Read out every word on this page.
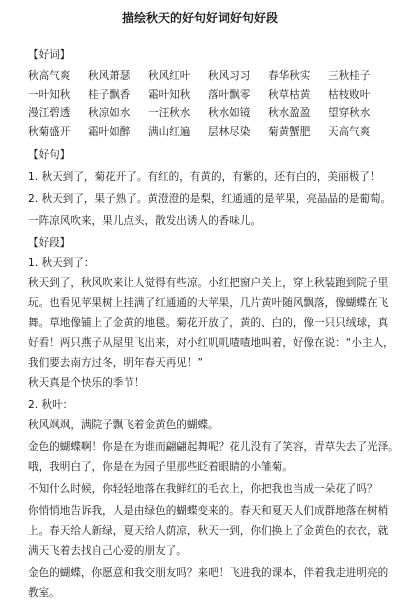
描绘秋天的好句好词好句好段
【好词】
秋高气爽	秋风萧瑟	秋风红叶	秋风习习	春华秋实	三秋桂子
一叶知秋	桂子飘香	霜叶知秋	落叶飘零	秋草枯黄	枯枝败叶
漫江碧透	秋凉如水	一汪秋水	秋水如镜	秋水盈盈	望穿秋水
秋菊盛开	霜叶如醉	满山红遍	层林尽染	菊黄蟹肥	天高气爽
【好句】
1. 秋天到了，菊花开了。有红的，有黄的，有紫的，还有白的，美丽极了！
2. 秋天到了，果子熟了。黄澄澄的是梨，红通通的是苹果，亮晶晶的是葡萄。
一阵凉风吹来，果儿点头，散发出诱人的香味儿。
【好段】
1. 秋天到了：
秋天到了，秋风吹来让人觉得有些凉。小红把窗户关上，穿上秋装跑到院子里
玩。也看见苹果树上挂满了红通通的大苹果，几片黄叶随风飘落，像蝴蝶在飞
舞。草地像铺上了金黄的地毯。菊花开放了，黄的、白的，像一只只绒球，真
好看！两只燕子从屋里飞出来，对小红叽叽喳喳地叫着，好像在说：“小主人，
我们要去南方过冬，明年春天再见！”
秋天真是个快乐的季节！
2. 秋叶：
秋风飒飒，满院子飘飞着金黄色的蝴蝶。
金色的蝴蝶啊！你是在为谁而翩翩起舞呢？花儿没有了笑容，青草失去了光泽。
哦，我明白了，你是在为园子里那些眨着眼睛的小雏菊。
不知什么时候，你轻轻地落在我鲜红的毛衣上，你把我也当成一朵花了吗？
你悄悄地告诉我，人是由绿色的蝴蝶变来的。春天和夏天人们成群地落在树梢
上。春天给人新绿，夏天给人荫凉，秋天一到，你们换上了金黄色的衣衣，就
满天飞着去找自己心爱的朋友了。
金色的蝴蝶，你愿意和我交朋友吗？来吧！飞进我的课本，伴着我走进明亮的
教室。
